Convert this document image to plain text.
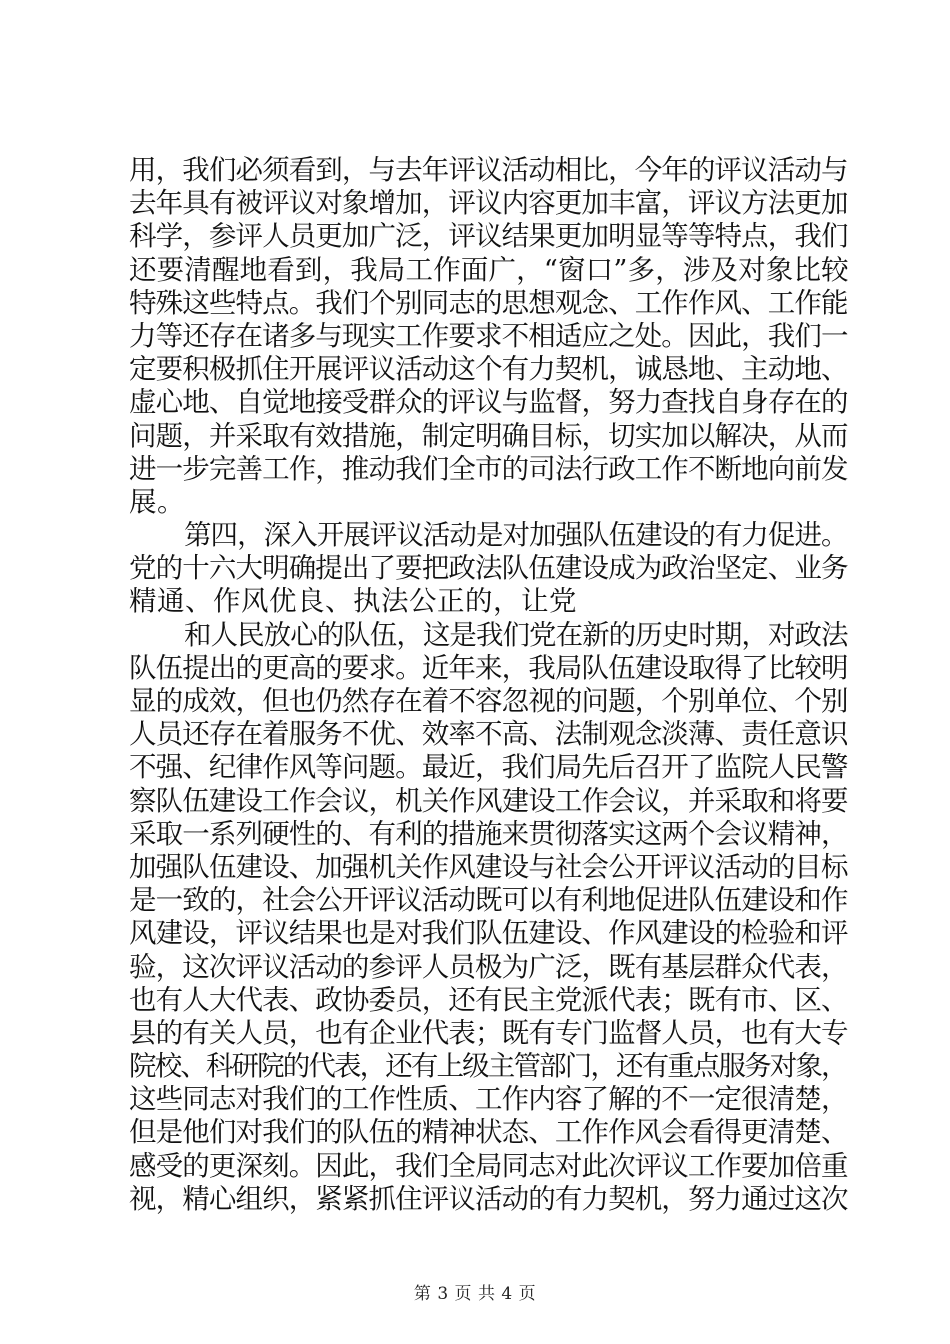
用，我们必须看到，与去年评议活动相比，今年的评议活动与
去年具有被评议对象增加，评议内容更加丰富，评议方法更加
科学，参评人员更加广泛，评议结果更加明显等等特点，我们
还要清醒地看到，我局工作面广，“窗口”多，涉及对象比较
特殊这些特点。我们个别同志的思想观念、工作作风、工作能
力等还存在诸多与现实工作要求不相适应之处。因此，我们一
定要积极抓住开展评议活动这个有力契机，诚恳地、主动地、
虚心地、自觉地接受群众的评议与监督，努力查找自身存在的
问题，并采取有效措施，制定明确目标，切实加以解决，从而
进一步完善工作，推动我们全市的司法行政工作不断地向前发
展。
第四，深入开展评议活动是对加强队伍建设的有力促进。
党的十六大明确提出了要把政法队伍建设成为政治坚定、业务
精通、作风优良、执法公正的，让党
和人民放心的队伍，这是我们党在新的历史时期，对政法
队伍提出的更高的要求。近年来，我局队伍建设取得了比较明
显的成效，但也仍然存在着不容忽视的问题，个别单位、个别
人员还存在着服务不优、效率不高、法制观念淡薄、责任意识
不强、纪律作风等问题。最近，我们局先后召开了监院人民警
察队伍建设工作会议，机关作风建设工作会议，并采取和将要
采取一系列硬性的、有利的措施来贯彻落实这两个会议精神，
加强队伍建设、加强机关作风建设与社会公开评议活动的目标
是一致的，社会公开评议活动既可以有利地促进队伍建设和作
风建设，评议结果也是对我们队伍建设、作风建设的检验和评
验，这次评议活动的参评人员极为广泛，既有基层群众代表，
也有人大代表、政协委员，还有民主党派代表；既有市、区、
县的有关人员，也有企业代表；既有专门监督人员，也有大专
院校、科研院的代表，还有上级主管部门，还有重点服务对象，
这些同志对我们的工作性质、工作内容了解的不一定很清楚，
但是他们对我们的队伍的精神状态、工作作风会看得更清楚、
感受的更深刻。因此，我们全局同志对此次评议工作要加倍重
视，精心组织，紧紧抓住评议活动的有力契机，努力通过这次
第 3 页 共 4 页
